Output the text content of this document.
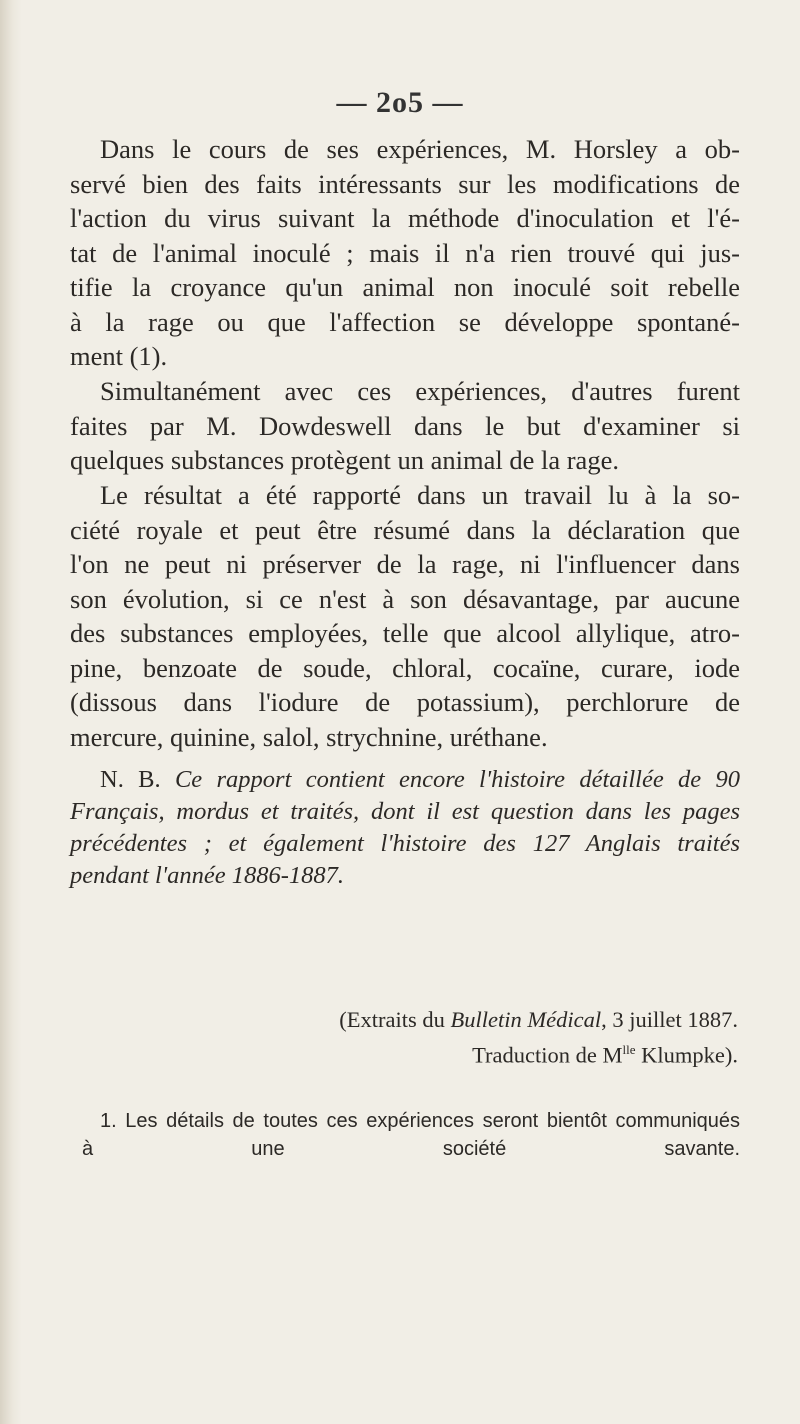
— 2o5 —
Dans le cours de ses expériences, M. Horsley a ob-
servé bien des faits intéressants sur les modifications de
l'action du virus suivant la méthode d'inoculation et l'é-
tat de l'animal inoculé ; mais il n'a rien trouvé qui jus-
tifie la croyance qu'un animal non inoculé soit rebelle
à la rage ou que l'affection se développe spontané-
ment (1).
Simultanément avec ces expériences, d'autres furent
faites par M. Dowdeswell dans le but d'examiner si
quelques substances protègent un animal de la rage.
Le résultat a été rapporté dans un travail lu à la so-
ciété royale et peut être résumé dans la déclaration que
l'on ne peut ni préserver de la rage, ni l'influencer dans
son évolution, si ce n'est à son désavantage, par aucune
des substances employées, telle que alcool allylique, atro-
pine, benzoate de soude, chloral, cocaïne, curare, iode
(dissous dans l'iodure de potassium), perchlorure de
mercure, quinine, salol, strychnine, uréthane.
N. B. Ce rapport contient encore l'histoire détaillée de 90
Français, mordus et traités, dont il est question dans les pages
précédentes ; et également l'histoire des 127 Anglais traités
pendant l'année 1886-1887.
(Extraits du Bulletin Médical, 3 juillet 1887.
Traduction de $M^{lle}$ Klumpke).
1. Les détails de toutes ces expériences seront bientôt communiqués
à une société savante.
